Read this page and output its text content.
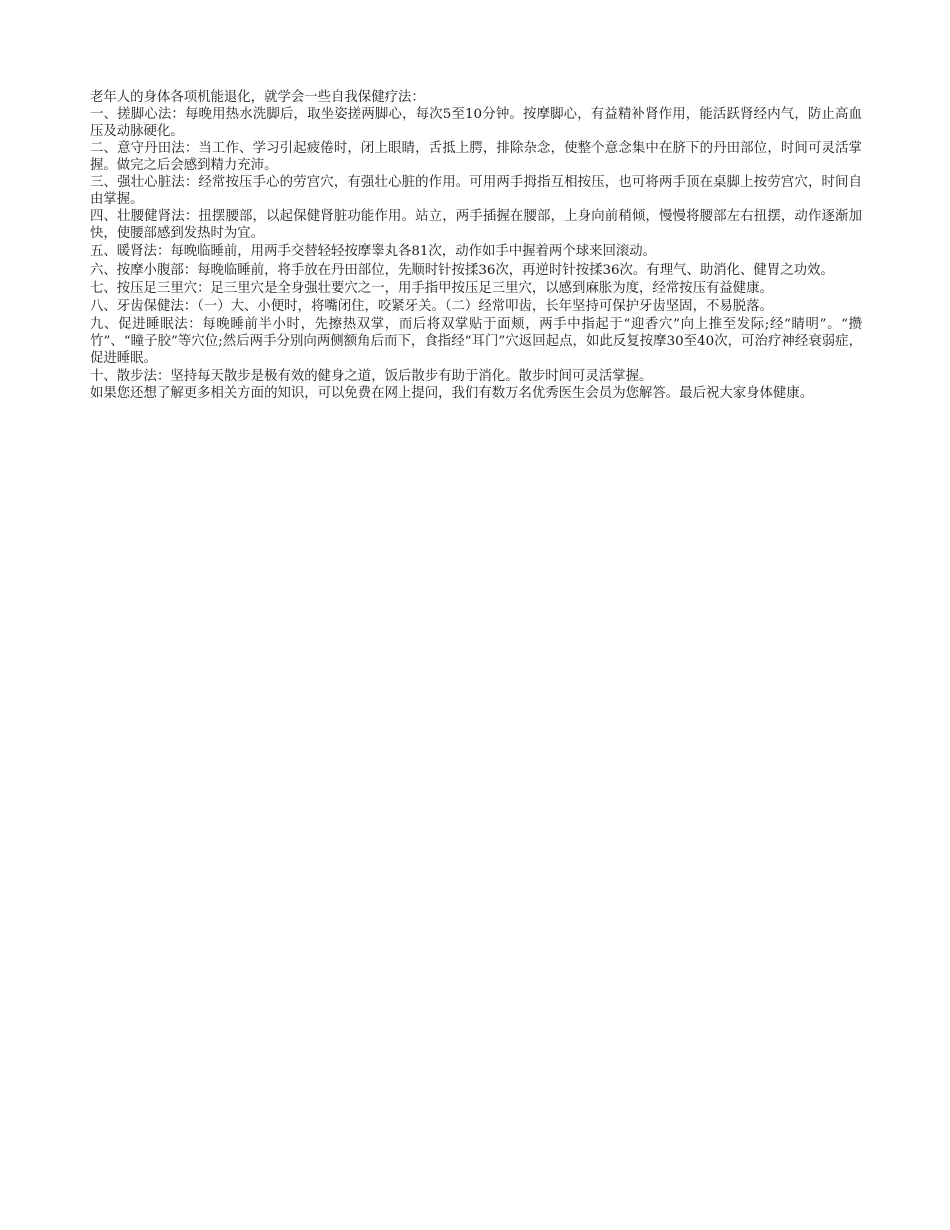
老年人的身体各项机能退化，就学会一些自我保健疗法：

一、搓脚心法：每晚用热水洗脚后，取坐姿搓两脚心，每次5至10分钟。按摩脚心，有益精补肾作用，能活跃肾经内气，防止高血压及动脉硬化。

二、意守丹田法：当工作、学习引起疲倦时，闭上眼睛，舌抵上腭，排除杂念，使整个意念集中在脐下的丹田部位，时间可灵活掌握。做完之后会感到精力充沛。

三、强壮心脏法：经常按压手心的劳宫穴，有强壮心脏的作用。可用两手拇指互相按压，也可将两手顶在桌脚上按劳宫穴，时间自由掌握。

四、壮腰健肾法：扭摆腰部，以起保健肾脏功能作用。站立，两手插握在腰部，上身向前稍倾，慢慢将腰部左右扭摆，动作逐渐加快，使腰部感到发热时为宜。

五、暖肾法：每晚临睡前，用两手交替轻轻按摩睾丸各81次，动作如手中握着两个球来回滚动。

六、按摩小腹部：每晚临睡前，将手放在丹田部位，先顺时针按揉36次，再逆时针按揉36次。有理气、助消化、健胃之功效。

七、按压足三里穴：足三里穴是全身强壮要穴之一，用手指甲按压足三里穴，以感到麻胀为度，经常按压有益健康。

八、牙齿保健法：（一）大、小便时，将嘴闭住，咬紧牙关。（二）经常叩齿，长年坚持可保护牙齿坚固，不易脱落。

九、促进睡眠法：每晚睡前半小时，先擦热双掌，而后将双掌贴于面颊，两手中指起于“迎香穴”向上推至发际;经“睛明”。“攒竹”、“瞳子胶”等穴位;然后两手分别向两侧额角后而下，食指经“耳门”穴返回起点，如此反复按摩30至40次，可治疗神经衰弱症，促进睡眠。

十、散步法：坚持每天散步是极有效的健身之道，饭后散步有助于消化。散步时间可灵活掌握。

如果您还想了解更多相关方面的知识，可以免费在网上提问，我们有数万名优秀医生会员为您解答。最后祝大家身体健康。
